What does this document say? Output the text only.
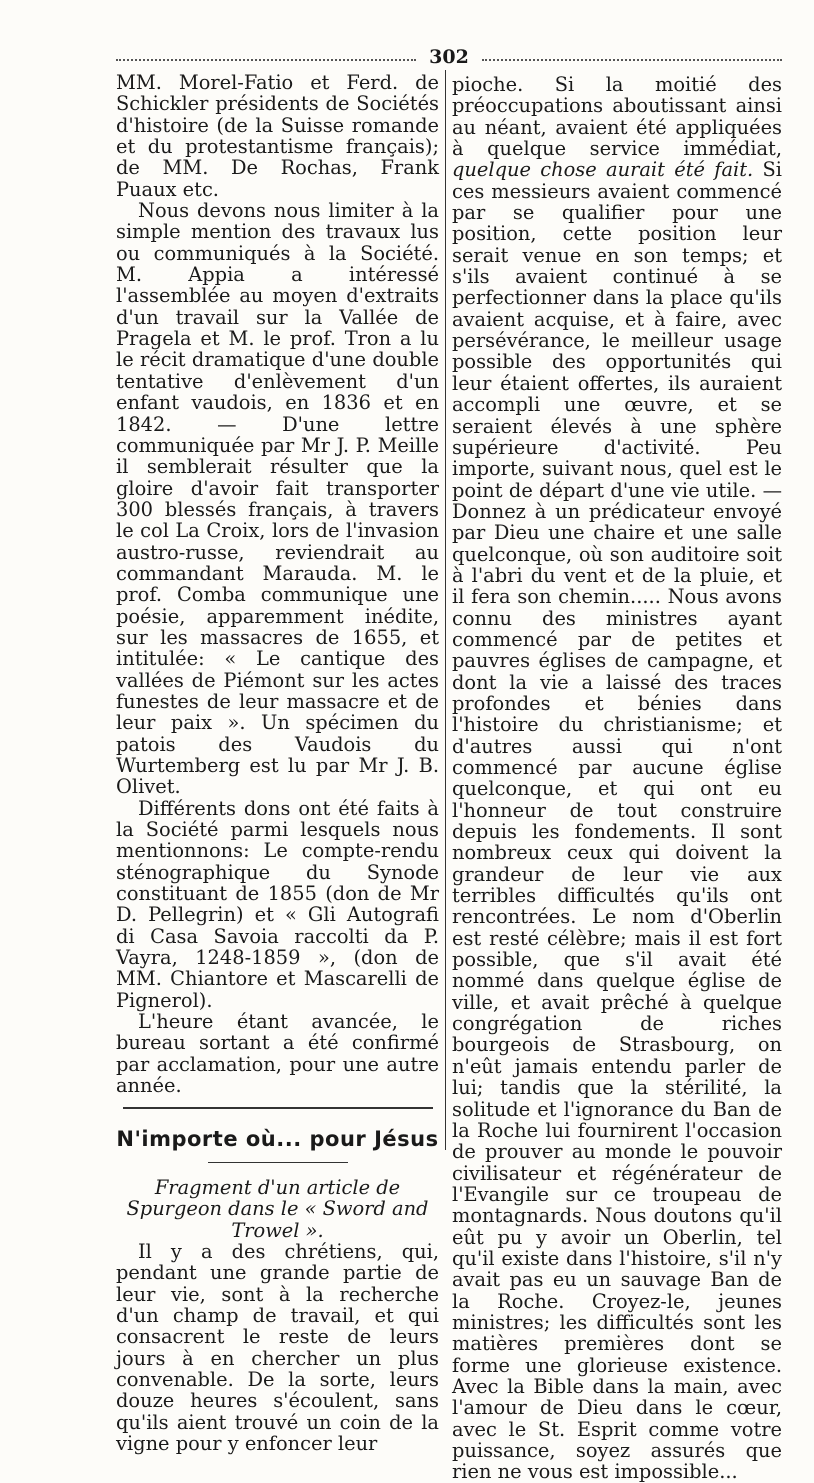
302

MM. Morel-Fatio et Ferd. de Schickler présidents de Sociétés d'histoire (de la Suisse romande et du protestantisme français); de MM. De Rochas, Frank Puaux etc.

Nous devons nous limiter à la simple mention des travaux lus ou communiqués à la Société. M. Appia a intéressé l'assemblée au moyen d'extraits d'un travail sur la Vallée de Pragela et M. le prof. Tron a lu le récit dramatique d'une double tentative d'enlèvement d'un enfant vaudois, en 1836 et en 1842. — D'une lettre communiquée par Mr J. P. Meille il semblerait résulter que la gloire d'avoir fait transporter 300 blessés français, à travers le col La Croix, lors de l'invasion austro-russe, reviendrait au commandant Marauda. M. le prof. Comba communique une poésie, apparemment inédite, sur les massacres de 1655, et intitulée: « Le cantique des vallées de Piémont sur les actes funestes de leur massacre et de leur paix ». Un spécimen du patois des Vaudois du Wurtemberg est lu par Mr J. B. Olivet.

Différents dons ont été faits à la Société parmi lesquels nous mentionnons: Le compte-rendu sténographique du Synode constituant de 1855 (don de Mr D. Pellegrin) et « Gli Autografi di Casa Savoia raccolti da P. Vayra, 1248-1859 », (don de MM. Chiantore et Mascarelli de Pignerol).

L'heure étant avancée, le bureau sortant a été confirmé par acclamation, pour une autre année.

N'importe où... pour Jésus

Fragment d'un article de Spurgeon dans le « Sword and Trowel ».

Il y a des chrétiens, qui, pendant une grande partie de leur vie, sont à la recherche d'un champ de travail, et qui consacrent le reste de leurs jours à en chercher un plus convenable. De la sorte, leurs douze heures s'écoulent, sans qu'ils aient trouvé un coin de la vigne pour y enfoncer leur

pioche. Si la moitié des préoccupations aboutissant ainsi au néant, avaient été appliquées à quelque service immédiat, quelque chose aurait été fait. Si ces messieurs avaient commencé par se qualifier pour une position, cette position leur serait venue en son temps; et s'ils avaient continué à se perfectionner dans la place qu'ils avaient acquise, et à faire, avec persévérance, le meilleur usage possible des opportunités qui leur étaient offertes, ils auraient accompli une œuvre, et se seraient élevés à une sphère supérieure d'activité. Peu importe, suivant nous, quel est le point de départ d'une vie utile. — Donnez à un prédicateur envoyé par Dieu une chaire et une salle quelconque, où son auditoire soit à l'abri du vent et de la pluie, et il fera son chemin..... Nous avons connu des ministres ayant commencé par de petites et pauvres églises de campagne, et dont la vie a laissé des traces profondes et bénies dans l'histoire du christianisme; et d'autres aussi qui n'ont commencé par aucune église quelconque, et qui ont eu l'honneur de tout construire depuis les fondements. Il sont nombreux ceux qui doivent la grandeur de leur vie aux terribles difficultés qu'ils ont rencontrées. Le nom d'Oberlin est resté célèbre; mais il est fort possible, que s'il avait été nommé dans quelque église de ville, et avait prêché à quelque congrégation de riches bourgeois de Strasbourg, on n'eût jamais entendu parler de lui; tandis que la stérilité, la solitude et l'ignorance du Ban de la Roche lui fournirent l'occasion de prouver au monde le pouvoir civilisateur et régénérateur de l'Evangile sur ce troupeau de montagnards. Nous doutons qu'il eût pu y avoir un Oberlin, tel qu'il existe dans l'histoire, s'il n'y avait pas eu un sauvage Ban de la Roche. Croyez-le, jeunes ministres; les difficultés sont les matières premières dont se forme une glorieuse existence. Avec la Bible dans la main, avec l'amour de Dieu dans le cœur, avec le St. Esprit comme votre puissance, soyez assurés que rien ne vous est impossible...
